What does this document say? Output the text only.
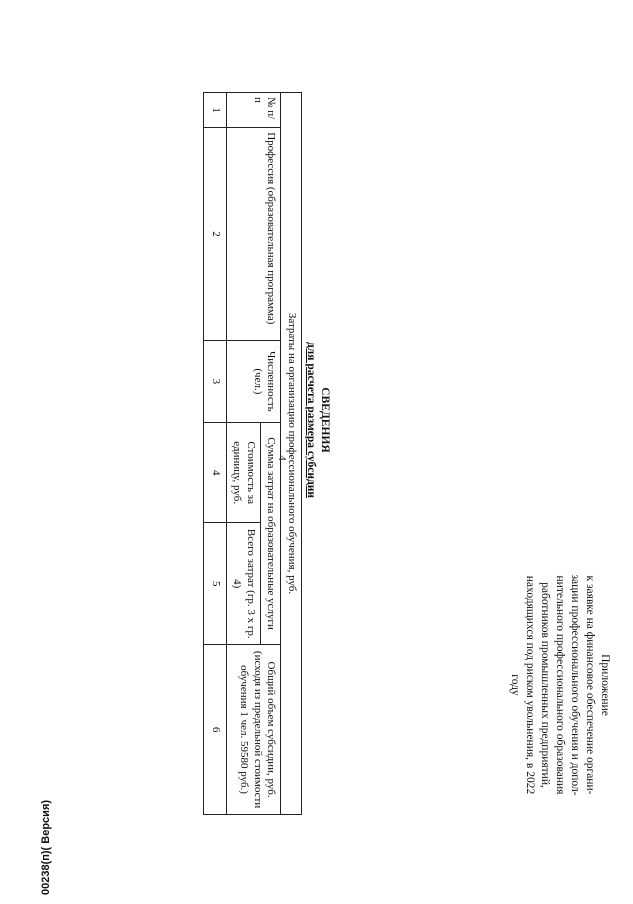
4
Приложение
к заявке на финансовое обеспечение органи-
зации профессионального обучения и допол-
нительного профессионального образования
работников промышленных предприятий,
находящихся под риском увольнения, в 2022
году
СВЕДЕНИЯ
для расчета размера субсидии
Затраты на организацию профессионального обучения, руб.					
№ п/п	Профессия (образовательная программа)	Численность (чел.)	Сумма затрат на образовательные услуги		Общий объем субсидии, руб. (исходя из предельной стоимости обучения 1 чел. 59580 руб.)
			Стоимость за единицу, руб.	Всего затрат (гр. 3 х гр. 4)	
1	2	3	4	5	6
00238(п)( Версия)
